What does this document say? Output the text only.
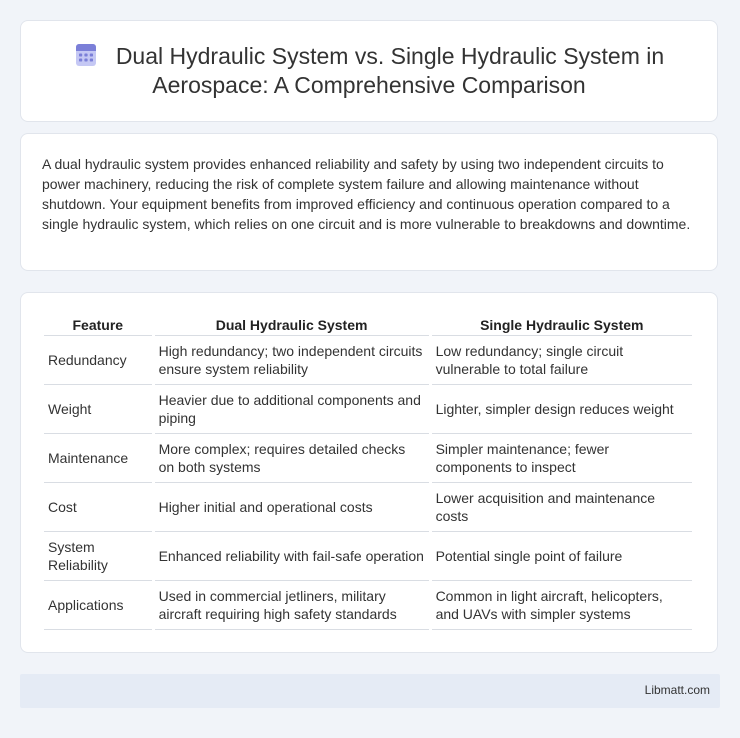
Dual Hydraulic System vs. Single Hydraulic System in Aerospace: A Comprehensive Comparison

A dual hydraulic system provides enhanced reliability and safety by using two independent circuits to power machinery, reducing the risk of complete system failure and allowing maintenance without shutdown. Your equipment benefits from improved efficiency and continuous operation compared to a single hydraulic system, which relies on one circuit and is more vulnerable to breakdowns and downtime.

Feature	Dual Hydraulic System	Single Hydraulic System
Redundancy	High redundancy; two independent circuits ensure system reliability	Low redundancy; single circuit vulnerable to total failure
Weight	Heavier due to additional components and piping	Lighter, simpler design reduces weight
Maintenance	More complex; requires detailed checks on both systems	Simpler maintenance; fewer components to inspect
Cost	Higher initial and operational costs	Lower acquisition and maintenance costs
System Reliability	Enhanced reliability with fail-safe operation	Potential single point of failure
Applications	Used in commercial jetliners, military aircraft requiring high safety standards	Common in light aircraft, helicopters, and UAVs with simpler systems
Libmatt.com
